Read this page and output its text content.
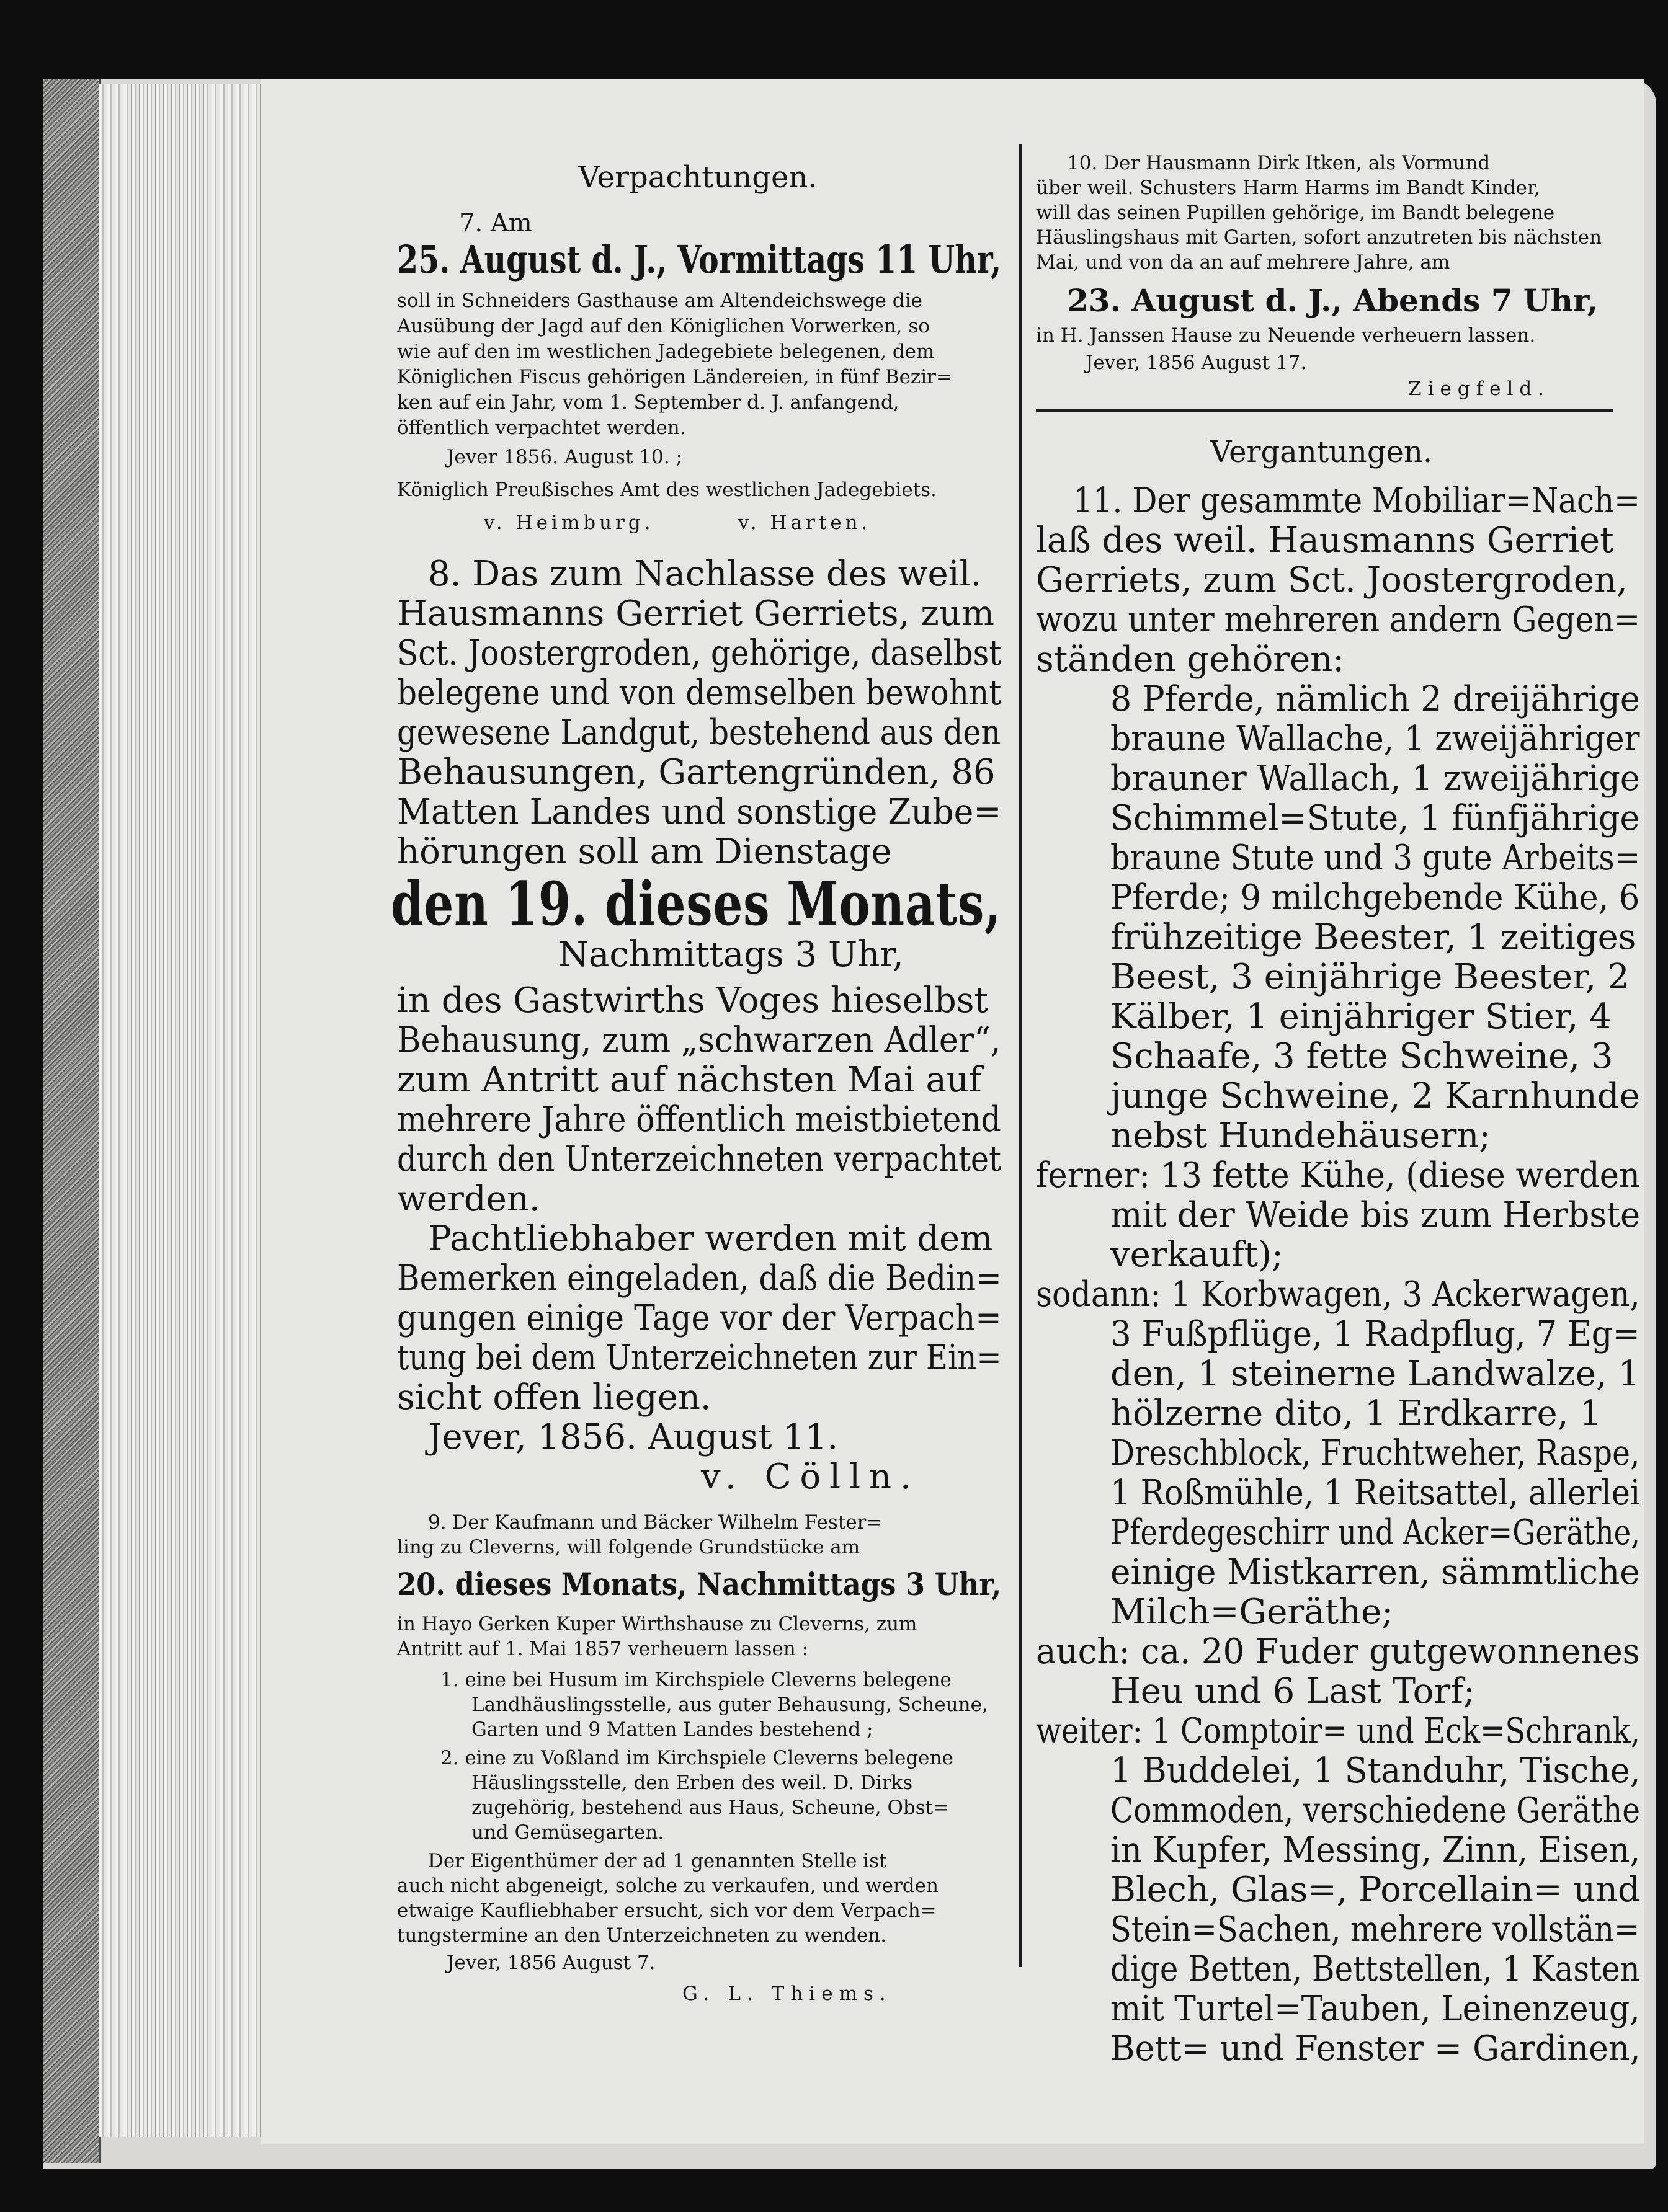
Verpachtungen.
7. Am
25. August d. J., Vormittags 11 Uhr,
soll in Schneiders Gasthause am Altendeichswege die
Ausübung der Jagd auf den Königlichen Vorwerken, so
wie auf den im westlichen Jadegebiete belegenen, dem
Königlichen Fiscus gehörigen Ländereien, in fünf Bezir=
ken auf ein Jahr, vom 1. September d. J. anfangend,
öffentlich verpachtet werden.
Jever 1856. August 10. ;
Königlich Preußisches Amt des westlichen Jadegebiets.
v. Heimburg.	v. Harten.
8. Das zum Nachlasse des weil.
Hausmanns Gerriet Gerriets, zum
Sct. Joostergroden, gehörige, daselbst
belegene und von demselben bewohnt
gewesene Landgut, bestehend aus den
Behausungen, Gartengründen, 86
Matten Landes und sonstige Zube=
hörungen soll am Dienstage
den 19. dieses Monats,
Nachmittags 3 Uhr,
in des Gastwirths Voges hieselbst
Behausung, zum „schwarzen Adler“,
zum Antritt auf nächsten Mai auf
mehrere Jahre öffentlich meistbietend
durch den Unterzeichneten verpachtet
werden.
Pachtliebhaber werden mit dem
Bemerken eingeladen, daß die Bedin=
gungen einige Tage vor der Verpach=
tung bei dem Unterzeichneten zur Ein=
sicht offen liegen.
Jever, 1856. August 11.
v. Cölln.
9. Der Kaufmann und Bäcker Wilhelm Fester=
ling zu Cleverns, will folgende Grundstücke am
20. dieses Monats, Nachmittags 3 Uhr,
in Hayo Gerken Kuper Wirthshause zu Cleverns, zum
Antritt auf 1. Mai 1857 verheuern lassen :
1. eine bei Husum im Kirchspiele Cleverns belegene
Landhäuslingsstelle, aus guter Behausung, Scheune,
Garten und 9 Matten Landes bestehend ;
2. eine zu Voßland im Kirchspiele Cleverns belegene
Häuslingsstelle, den Erben des weil. D. Dirks
zugehörig, bestehend aus Haus, Scheune, Obst=
und Gemüsegarten.
Der Eigenthümer der ad 1 genannten Stelle ist
auch nicht abgeneigt, solche zu verkaufen, und werden
etwaige Kaufliebhaber ersucht, sich vor dem Verpach=
tungstermine an den Unterzeichneten zu wenden.
Jever, 1856 August 7.
G. L. Thiems.
10. Der Hausmann Dirk Itken, als Vormund
über weil. Schusters Harm Harms im Bandt Kinder,
will das seinen Pupillen gehörige, im Bandt belegene
Häuslingshaus mit Garten, sofort anzutreten bis nächsten
Mai, und von da an auf mehrere Jahre, am
23. August d. J., Abends 7 Uhr,
in H. Janssen Hause zu Neuende verheuern lassen.
Jever, 1856 August 17.
Ziegfeld.
Vergantungen.
11. Der gesammte Mobiliar=Nach=
laß des weil. Hausmanns Gerriet
Gerriets, zum Sct. Joostergroden,
wozu unter mehreren andern Gegen=
ständen gehören:
8 Pferde, nämlich 2 dreijährige
braune Wallache, 1 zweijähriger
brauner Wallach, 1 zweijährige
Schimmel=Stute, 1 fünfjährige
braune Stute und 3 gute Arbeits=
Pferde; 9 milchgebende Kühe, 6
frühzeitige Beester, 1 zeitiges
Beest, 3 einjährige Beester, 2
Kälber, 1 einjähriger Stier, 4
Schaafe, 3 fette Schweine, 3
junge Schweine, 2 Karnhunde
nebst Hundehäusern;
ferner: 13 fette Kühe, (diese werden
mit der Weide bis zum Herbste
verkauft);
sodann: 1 Korbwagen, 3 Ackerwagen,
3 Fußpflüge, 1 Radpflug, 7 Eg=
den, 1 steinerne Landwalze, 1
hölzerne dito, 1 Erdkarre, 1
Dreschblock, Fruchtweher, Raspe,
1 Roßmühle, 1 Reitsattel, allerlei
Pferdegeschirr und Acker=Geräthe,
einige Mistkarren, sämmtliche
Milch=Geräthe;
auch: ca. 20 Fuder gutgewonnenes
Heu und 6 Last Torf;
weiter: 1 Comptoir= und Eck=Schrank,
1 Buddelei, 1 Standuhr, Tische,
Commoden, verschiedene Geräthe
in Kupfer, Messing, Zinn, Eisen,
Blech, Glas=, Porcellain= und
Stein=Sachen, mehrere vollstän=
dige Betten, Bettstellen, 1 Kasten
mit Turtel=Tauben, Leinenzeug,
Bett= und Fenster = Gardinen,
